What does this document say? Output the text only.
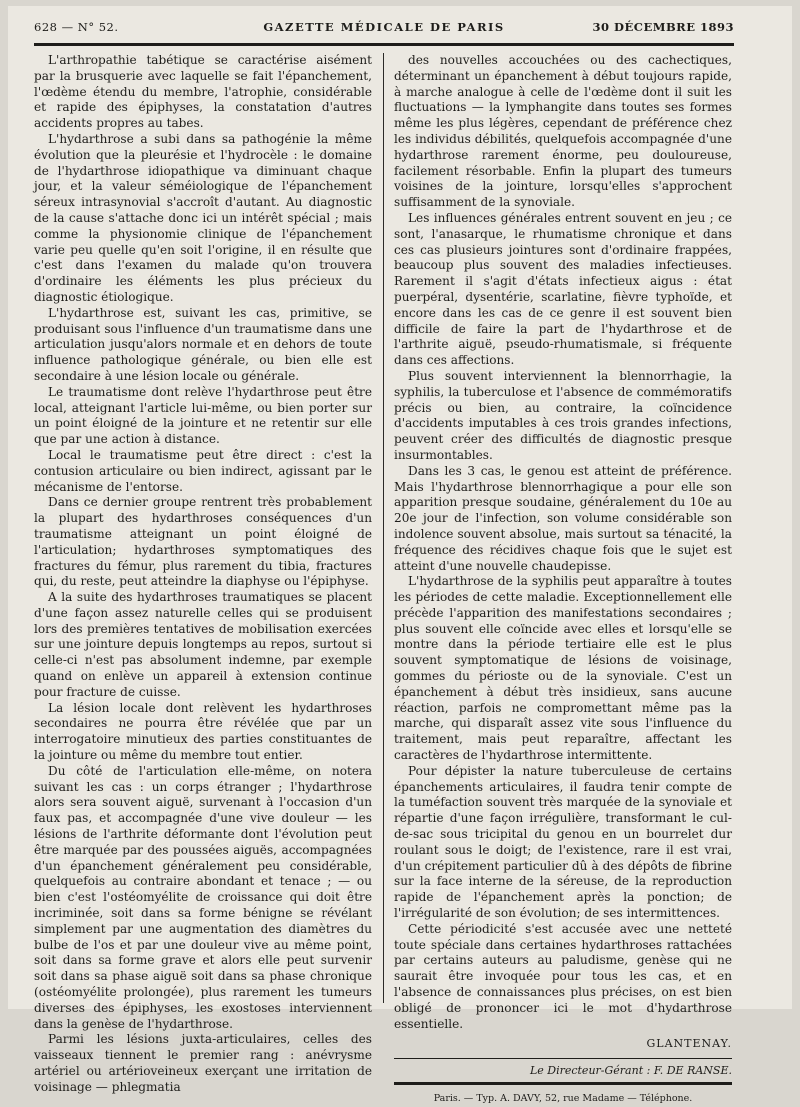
628 — N° 52.	GAZETTE MÉDICALE DE PARIS	30 DÉCEMBRE 1893

L'arthropathie tabétique se caractérise aisément par la brusquerie avec laquelle se fait l'épanchement, l'œdème étendu du membre, l'atrophie, considérable et rapide des épiphyses, la constatation d'autres accidents propres au tabes.

L'hydarthrose a subi dans sa pathogénie la même évolution que la pleurésie et l'hydrocèle : le domaine de l'hydarthrose idiopathique va diminuant chaque jour, et la valeur séméiologique de l'épanchement séreux intrasynovial s'accroît d'autant. Au diagnostic de la cause s'attache donc ici un intérêt spécial ; mais comme la physionomie clinique de l'épanchement varie peu quelle qu'en soit l'origine, il en résulte que c'est dans l'examen du malade qu'on trouvera d'ordinaire les éléments les plus précieux du diagnostic étiologique.

L'hydarthrose est, suivant les cas, primitive, se produisant sous l'influence d'un traumatisme dans une articulation jusqu'alors normale et en dehors de toute influence pathologique générale, ou bien elle est secondaire à une lésion locale ou générale.

Le traumatisme dont relève l'hydarthrose peut être local, atteignant l'article lui-même, ou bien porter sur un point éloigné de la jointure et ne retentir sur elle que par une action à distance.

Local le traumatisme peut être direct : c'est la contusion articulaire ou bien indirect, agissant par le mécanisme de l'entorse.

Dans ce dernier groupe rentrent très probablement la plupart des hydarthroses conséquences d'un traumatisme atteignant un point éloigné de l'articulation; hydarthroses symptomatiques des fractures du fémur, plus rarement du tibia, fractures qui, du reste, peut atteindre la diaphyse ou l'épiphyse.

A la suite des hydarthroses traumatiques se placent d'une façon assez naturelle celles qui se produisent lors des premières tentatives de mobilisation exercées sur une jointure depuis longtemps au repos, surtout si celle-ci n'est pas absolument indemne, par exemple quand on enlève un appareil à extension continue pour fracture de cuisse.

La lésion locale dont relèvent les hydarthroses secondaires ne pourra être révélée que par un interrogatoire minutieux des parties constituantes de la jointure ou même du membre tout entier.

Du côté de l'articulation elle-même, on notera suivant les cas : un corps étranger ; l'hydarthrose alors sera souvent aiguë, survenant à l'occasion d'un faux pas, et accompagnée d'une vive douleur — les lésions de l'arthrite déformante dont l'évolution peut être marquée par des poussées aiguës, accompagnées d'un épanchement généralement peu considérable, quelquefois au contraire abondant et tenace ; — ou bien c'est l'ostéomyélite de croissance qui doit être incriminée, soit dans sa forme bénigne se révélant simplement par une augmentation des diamètres du bulbe de l'os et par une douleur vive au même point, soit dans sa forme grave et alors elle peut survenir soit dans sa phase aiguë soit dans sa phase chronique (ostéomyélite prolongée), plus rarement les tumeurs diverses des épiphyses, les exostoses interviennent dans la genèse de l'hydarthrose.

Parmi les lésions juxta-articulaires, celles des vaisseaux tiennent le premier rang : anévrysme artériel ou artérioveineux exerçant une irritation de voisinage — phlegmatia

des nouvelles accouchées ou des cachectiques, déterminant un épanchement à début toujours rapide, à marche analogue à celle de l'œdème dont il suit les fluctuations — la lymphangite dans toutes ses formes même les plus légères, cependant de préférence chez les individus débilités, quelquefois accompagnée d'une hydarthrose rarement énorme, peu douloureuse, facilement résorbable. Enfin la plupart des tumeurs voisines de la jointure, lorsqu'elles s'approchent suffisamment de la synoviale.

Les influences générales entrent souvent en jeu ; ce sont, l'anasarque, le rhumatisme chronique et dans ces cas plusieurs jointures sont d'ordinaire frappées, beaucoup plus souvent des maladies infectieuses. Rarement il s'agit d'états infectieux aigus : état puerpéral, dysentérie, scarlatine, fièvre typhoïde, et encore dans les cas de ce genre il est souvent bien difficile de faire la part de l'hydarthrose et de l'arthrite aiguë, pseudo-rhumatismale, si fréquente dans ces affections.

Plus souvent interviennent la blennorrhagie, la syphilis, la tuberculose et l'absence de commémoratifs précis ou bien, au contraire, la coïncidence d'accidents imputables à ces trois grandes infections, peuvent créer des difficultés de diagnostic presque insurmontables.

Dans les 3 cas, le genou est atteint de préférence. Mais l'hydarthrose blennorrhagique a pour elle son apparition presque soudaine, généralement du 10e au 20e jour de l'infection, son volume considérable son indolence souvent absolue, mais surtout sa ténacité, la fréquence des récidives chaque fois que le sujet est atteint d'une nouvelle chaudepisse.

L'hydarthrose de la syphilis peut apparaître à toutes les périodes de cette maladie. Exceptionnellement elle précède l'apparition des manifestations secondaires ; plus souvent elle coïncide avec elles et lorsqu'elle se montre dans la période tertiaire elle est le plus souvent symptomatique de lésions de voisinage, gommes du périoste ou de la synoviale. C'est un épanchement à début très insidieux, sans aucune réaction, parfois ne compromettant même pas la marche, qui disparaît assez vite sous l'influence du traitement, mais peut reparaître, affectant les caractères de l'hydarthrose intermittente.

Pour dépister la nature tuberculeuse de certains épanchements articulaires, il faudra tenir compte de la tuméfaction souvent très marquée de la synoviale et répartie d'une façon irrégulière, transformant le cul-de-sac sous tricipital du genou en un bourrelet dur roulant sous le doigt; de l'existence, rare il est vrai, d'un crépitement particulier dû à des dépôts de fibrine sur la face interne de la séreuse, de la reproduction rapide de l'épanchement après la ponction; de l'irrégularité de son évolution; de ses intermittences.

Cette périodicité s'est accusée avec une netteté toute spéciale dans certaines hydarthroses rattachées par certains auteurs au paludisme, genèse qui ne saurait être invoquée pour tous les cas, et en l'absence de connaissances plus précises, on est bien obligé de prononcer ici le mot d'hydarthrose essentielle.

GLANTENAY.
Le Directeur-Gérant : F. DE RANSE.
Paris. — Typ. A. DAVY, 52, rue Madame — Téléphone.
